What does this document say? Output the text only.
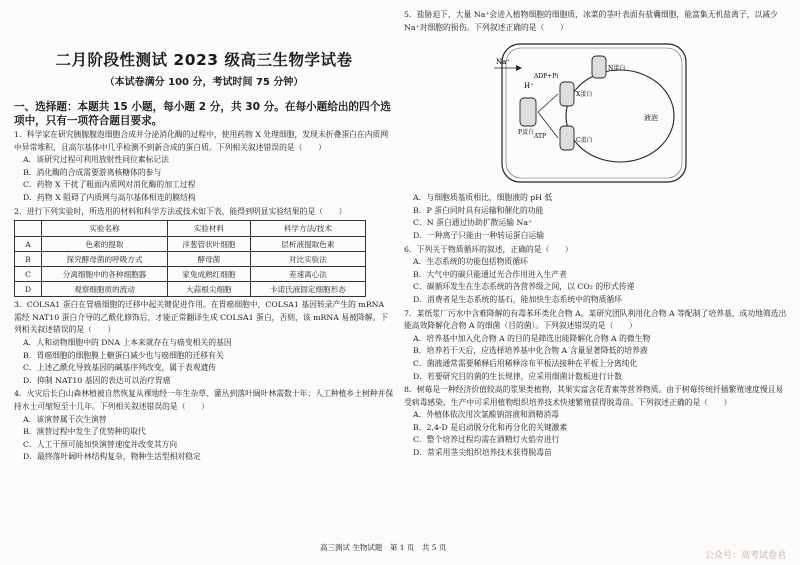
二月阶段性测试 2023 级高三生物学试卷
（本试卷满分 100 分，考试时间 75 分钟）
一、选择题：本题共 15 小题，每小题 2 分，共 30 分。在每小题给出的四个选项中，只有一项符合题目要求。
1．科学家在研究胰腺腺泡细胞合成并分泌消化酶的过程中，使用药物 X 处理细胞，发现未折叠蛋白在内质网中异常堆积，且高尔基体中几乎检测不到新合成的蛋白质。下列相关叙述错误的是（　　）
A．该研究过程可利用放射性同位素标记法
B．消化酶的合成需要游离核糖体的参与
C．药物 X 干扰了粗面内质网对消化酶的加工过程
D．药物 X 阻碍了内质网与高尔基体相连的膜结构
2．进行下列实验时，所选用的材料和科学方法或技术如下表，能得到明显实验结果的是（　　）
	实验名称	实验材料	科学方法/技术
A	色素的提取	洋葱管状叶细胞	层析液提取色素
B	探究酵母菌的呼吸方式	酵母菌	对比实验法
C	分离细胞中的各种细胞器	家兔成熟红细胞	差速离心法
D	观察细胞质的流动	大蒜根尖细胞	卡诺氏液固定细胞形态
3．COLSA1 蛋白在胃癌细胞的迁移中起关键促进作用。在胃癌细胞中，COLSA1 基因转录产生的 mRNA 需经 NAT10 蛋白介导的乙酰化修饰后，才能正常翻译生成 COLSA1 蛋白，否则，该 mRNA 易被降解。下列相关叙述错误的是（　　）
A．人和动物细胞中的 DNA 上本来就存在与癌变相关的基因
B．胃癌细胞的细胞膜上糖蛋白减少也与癌细胞的迁移有关
C．上述乙酰化导致基因的碱基序列改变，属于表观遗传
D．抑制 NAT10 基因的表达可以治疗胃癌
4．火灾后长白山森林植被自然恢复从裸地经一年生杂草、灌丛到落叶阔叶林需数十年；人工种植乡土树种并保持水土可缩短至十几年。下列相关叙述错误的是（　　）
A．该演替属于次生演替
B．演替过程中发生了优势种的取代
C．人工干预可能加快演替速度并改变其方向
D．最终落叶阔叶林结构复杂，物种生活型相对稳定
5．盐胁迫下，大量 Na⁺会进入植物细胞的细胞质，冰菜的茎叶表面有盐囊细胞，能富集无机盐离子，以减少 Na⁺对细胞的损伤。下列叙述正确的是（　　）
Na⁺
H⁺
ADP+Pi
ATP
P蛋白
X蛋白
C蛋白
N蛋白
液泡
A．与细胞质基质相比，细胞液的 pH 低
B．P 蛋白同时具有运输和催化的功能
C．N 蛋白通过协助扩散运输 Na⁺
D．一种离子只能由一种转运蛋白运输
6．下列关于物质循环的叙述，正确的是（　　）
A．生态系统的功能包括物质循环
B．大气中的碳只能通过光合作用进入生产者
C．碳循环发生在生态系统的各营养级之间，以 CO₂ 的形式传递
D．消费者是生态系统的基石，能加快生态系统中的物质循环
7．某纸浆厂污水中含难降解的有毒苯环类化合物 A。某研究团队利用化合物 A 等配制了培养基，成功地筛选出能高效降解化合物 A 的细菌（目的菌）。下列叙述错误的是（　　）
A．培养基中加入化合物 A 的目的是筛选出能降解化合物 A 的微生物
B．培养若干天后，应选择培养基中化合物 A 含量显著降低的培养液
C．菌液通常需要稀释后用稀释涂布平板法接种在平板上分离纯化
D．若要研究目的菌的生长规律，应采用细菌计数板进行计数
8．树莓是一种经济价值较高的浆果类植物，其果实富含花青素等营养物质。由于树莓传统扦插繁殖速度慢且易受病毒感染，生产中可采用植物组织培养技术快速繁殖获得脱毒苗。下列叙述正确的是（　　）
A．外植体依次用次氯酸钠溶液和酒精消毒
B．2,4-D 是启动脱分化和再分化的关键激素
C．整个培养过程均需在酒精灯火焰旁进行
D．常采用茎尖组织培养技术获得脱毒苗
高三测试 生物试题　第 1 页　共 5 页
公众号：高考试卷君
